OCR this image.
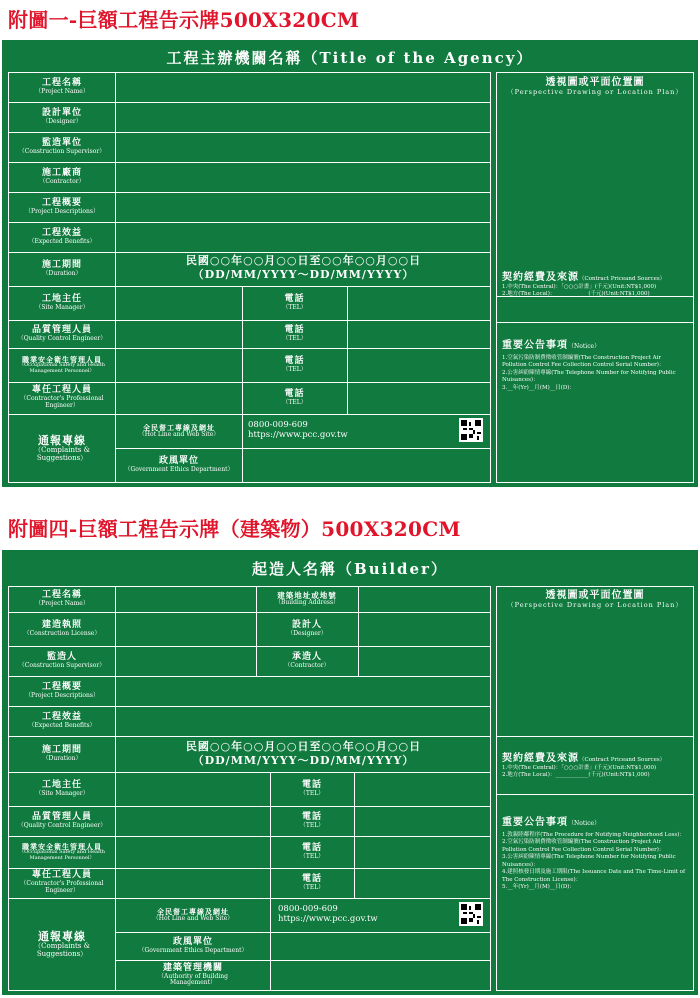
附圖一-巨額工程告示牌500X320CM
工程主辦機關名稱（Title of the Agency）
工程名稱
（Project Name）
設計單位
（Designer）
監造單位
（Construction Supervisor）
施工廠商
（Contractor）
工程概要
（Project Descriptions）
工程效益
（Expected Benefits）
施工期間
（Duration）
工地主任
（Site Manager）
品質管理人員
（Quality Control Engineer）
職業安全衛生管理人員
（Occupational Safety and Health Management Personnel）
專任工程人員
（Contractor's Professional Engineer）
通報專線
（Complaints & Suggestions）
民國○○年○○月○○日至○○年○○月○○日
（DD/MM/YYYY～DD/MM/YYYY）
電話
（TEL）
電話
（TEL）
電話
（TEL）
電話
（TEL）
全民督工專線及網址
（Hot Line and Web Site）
0800-009-609
https://www.pcc.gov.tw
政風單位
（Government Ethics Department）
透視圖或平面位置圖
（Perspective Drawing or Location Plan）
契約經費及來源（Contract Priceand Sources）
1.中央(The Central)：「○○○計畫」(千元)(Unit:NT$1,000)
2.地方(The Local)：____________(千元)(Unit:NT$1,000)
重要公告事項（Notice）
1.空氣污染防制費徵收管制編號(The Construction Project Air Pollution Control Fee Collection Control Serial Number)：
2.公害糾紛陳情專線(The Telephone Number for Notifying Public Nuisances)：
3.__年(Yr)__月(M)__日(D)：
附圖四-巨額工程告示牌（建築物）500X320CM
起造人名稱（Builder）
工程名稱
（Project Name）
建造執照
（Construction License）
監造人
（Construction Supervisor）
工程概要
（Project Descriptions）
工程效益
（Expected Benefits）
施工期間
（Duration）
工地主任
（Site Manager）
品質管理人員
（Quality Control Engineer）
職業安全衛生管理人員
（Occupational Safety and Health Management Personnel）
專任工程人員
（Contractor's Professional Engineer）
通報專線
（Complaints & Suggestions）
建築地址或地號
（Building Address）
設計人
（Designer）
承造人
（Contractor）
民國○○年○○月○○日至○○年○○月○○日
（DD/MM/YYYY～DD/MM/YYYY）
電話
（TEL）
電話
（TEL）
電話
（TEL）
電話
（TEL）
全民督工專線及網址
（Hot Line and Web Site）
0800-009-609
https://www.pcc.gov.tw
政風單位
（Government Ethics Department）
建築管理機關
（Authority of Building Management）
透視圖或平面位置圖
（Perspective Drawing or Location Plan）
契約經費及來源（Contract Priceand Sources）
1.中央(The Central)：「○○○計畫」(千元)(Unit:NT$1,000)
2.地方(The Local)：____________(千元)(Unit:NT$1,000)
重要公告事項（Notice）
1.敦親睦鄰程序(The Procedure for Notifying Neighborhood Loss)：
2.空氣污染防制費徵收管制編號(The Construction Project Air Pollution Control Fee Collection Control Serial Number)：
3.公害糾紛陳情專線(The Telephone Number for Notifying Public Nuisances)：
4.建照核發日期及施工期限(The Issuance Date and The Time-Limit of The Construction License)：
5.__年(Yr)__月(M)__日(D)：
